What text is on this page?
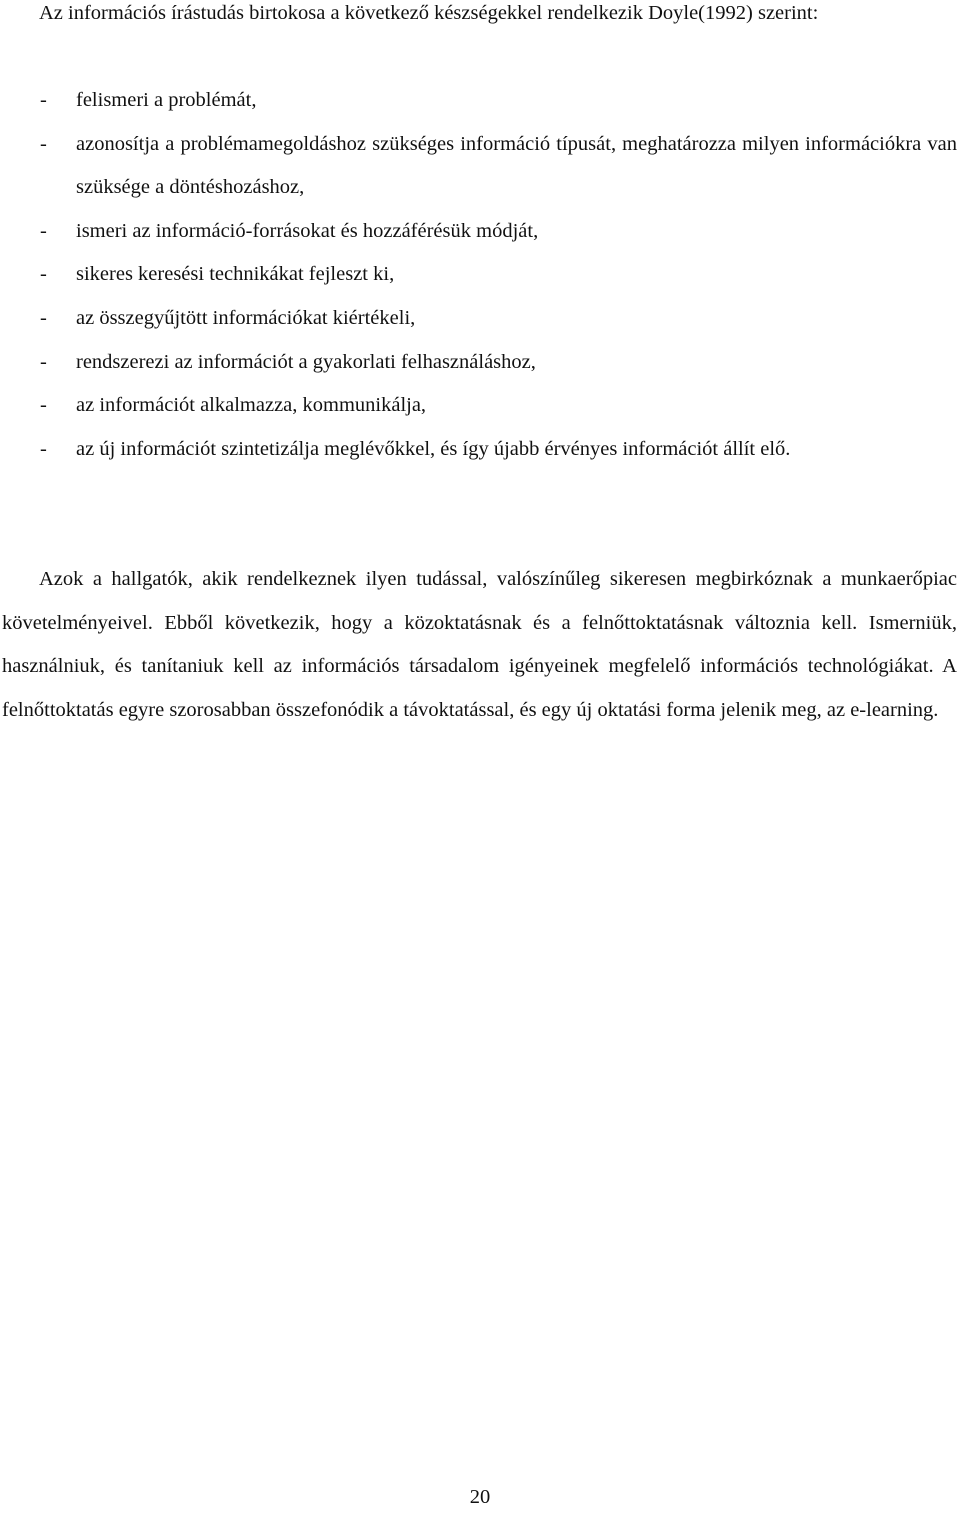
Az információs írástudás birtokosa a következő készségekkel rendelkezik Doyle(1992) szerint:

- felismeri a problémát,
- azonosítja a problémamegoldáshoz szükséges információ típusát, meghatározza milyen információkra van szüksége a döntéshozáshoz,
- ismeri az információ-forrásokat és hozzáférésük módját,
- sikeres keresési technikákat fejleszt ki,
- az összegyűjtött információkat kiértékeli,
- rendszerezi az információt a gyakorlati felhasználáshoz,
- az információt alkalmazza, kommunikálja,
- az új információt szintetizálja meglévőkkel, és így újabb érvényes információt állít elő.

Azok a hallgatók, akik rendelkeznek ilyen tudással, valószínűleg sikeresen megbirkóznak a munkaerőpiac követelményeivel. Ebből következik, hogy a közoktatásnak és a felnőttoktatásnak változnia kell. Ismerniük, használniuk, és tanítaniuk kell az információs társadalom igényeinek megfelelő információs technológiákat. A felnőttoktatás egyre szorosabban összefonódik a távoktatással, és egy új oktatási forma jelenik meg, az e-learning.

20
